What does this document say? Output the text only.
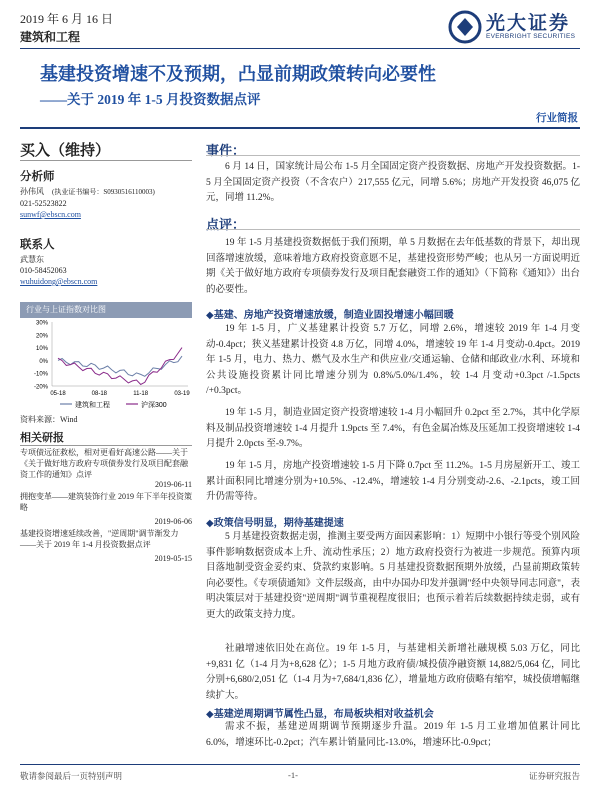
2019 年 6 月 16 日
建筑和工程
光大证券
EVERBRIGHT SECURITIES
基建投资增速不及预期，凸显前期政策转向必要性
——关于 2019 年 1-5 月投资数据点评
行业简报
买入（维持）
分析师
孙伟风 (执业证书编号：S0930516110003)
021-52523822
sunwf@ebscn.com
联系人
武慧东
010-58452063
wuhuidong@ebscn.com
行业与上证指数对比图
30%
20%
10%
0%
-10%
-20%
05-18	08-18	11-18	03-19
建筑和工程	沪深300
资料来源：Wind
相关研报
专项债远征救松，相对更看好高速公路——关于《关于做好地方政府专项债券发行及项目配套融资工作的通知》点评
2019-06-11
拥抱变革——建筑装饰行业 2019 年下半年投资策略
2019-06-06
基建投资增速延续改善，"逆周期"调节渐发力——关于 2019 年 1-4 月投资数据点评
2019-05-15
事件：

6 月 14 日，国家统计局公布 1-5 月全国固定资产投资数据、房地产开发投资数据。1-5 月全国固定资产投资（不含农户）217,555 亿元，同增 5.6%；房地产开发投资 46,075 亿元，同增 11.2%。

点评：

19 年 1-5 月基建投资数据低于我们预期，单 5 月数据在去年低基数的背景下，却出现回落增速放缓，意味着地方政府投资意愿不足，基建投资形势严峻；也从另一方面说明近期《关于做好地方政府专项债券发行及项目配套融资工作的通知》（下简称《通知》）出台的必要性。

◆基建、房地产投资增速放缓，制造业固投增速小幅回暖

19 年 1-5 月，广义基建累计投资 5.7 万亿，同增 2.6%，增速较 2019 年 1-4 月变动-0.4pct；狭义基建累计投资 4.8 万亿，同增 4.0%，增速较 19 年 1-4 月变动-0.4pct。2019 年 1-5 月，电力、热力、燃气及水生产和供应业/交通运输、仓储和邮政业/水利、环境和公共设施投资累计同比增速分别为 0.8%/5.0%/1.4%，较 1-4 月变动+0.3pct /-1.5pcts /+0.3pct。

19 年 1-5 月，制造业固定资产投资增速较 1-4 月小幅回升 0.2pct 至 2.7%，其中化学原料及制品投资增速较 1-4 月提升 1.9pcts 至 7.4%，有色金属冶炼及压延加工投资增速较 1-4 月提升 2.0pcts 至-9.7%。

19 年 1-5 月，房地产投资增速较 1-5 月下降 0.7pct 至 11.2%。1-5 月房屋新开工、竣工累计面积同比增速分别为+10.5%、-12.4%，增速较 1-4 月分别变动-2.6、-2.1pcts，竣工回升仍需等待。

◆政策信号明显，期待基建提速

5 月基建投资数据走弱，推测主要受两方面因素影响：1）短期中小银行等受个别风险事件影响数据资成本上升、流动性承压；2）地方政府投资行为被进一步规范。预算内项目落地制受资金妥约束、贷款约束影响。5 月基建投资数据预期外放缓，凸显前期政策转向必要性。《专项债通知》文件层级高，由中办国办印发并强调"经中央领导同志同意"，表明决策层对于基建投资"逆周期"调节重视程度很旧；也预示着若后续数据持续走弱，或有更大的政策支持力度。

社融增速依旧处在高位。19 年 1-5 月，与基建相关新增社融规模 5.03 万亿，同比+9,831 亿（1-4 月为+8,628 亿）；1-5 月地方政府债/城投债净融资额 14,882/5,064 亿，同比分别+6,680/2,051 亿（1-4 月为+7,684/1,836 亿），增量地方政府债略有缩窄，城投债增幅继续扩大。

◆基建逆周期调节属性凸显，布局板块相对收益机会

需求不振，基建逆周期调节预期逐步升温。2019 年 1-5 月工业增加值累计同比 6.0%，增速环比-0.2pct；汽车累计销量同比-13.0%，增速环比-0.9pct；

敬请参阅最后一页特别声明	-1-	证券研究报告
